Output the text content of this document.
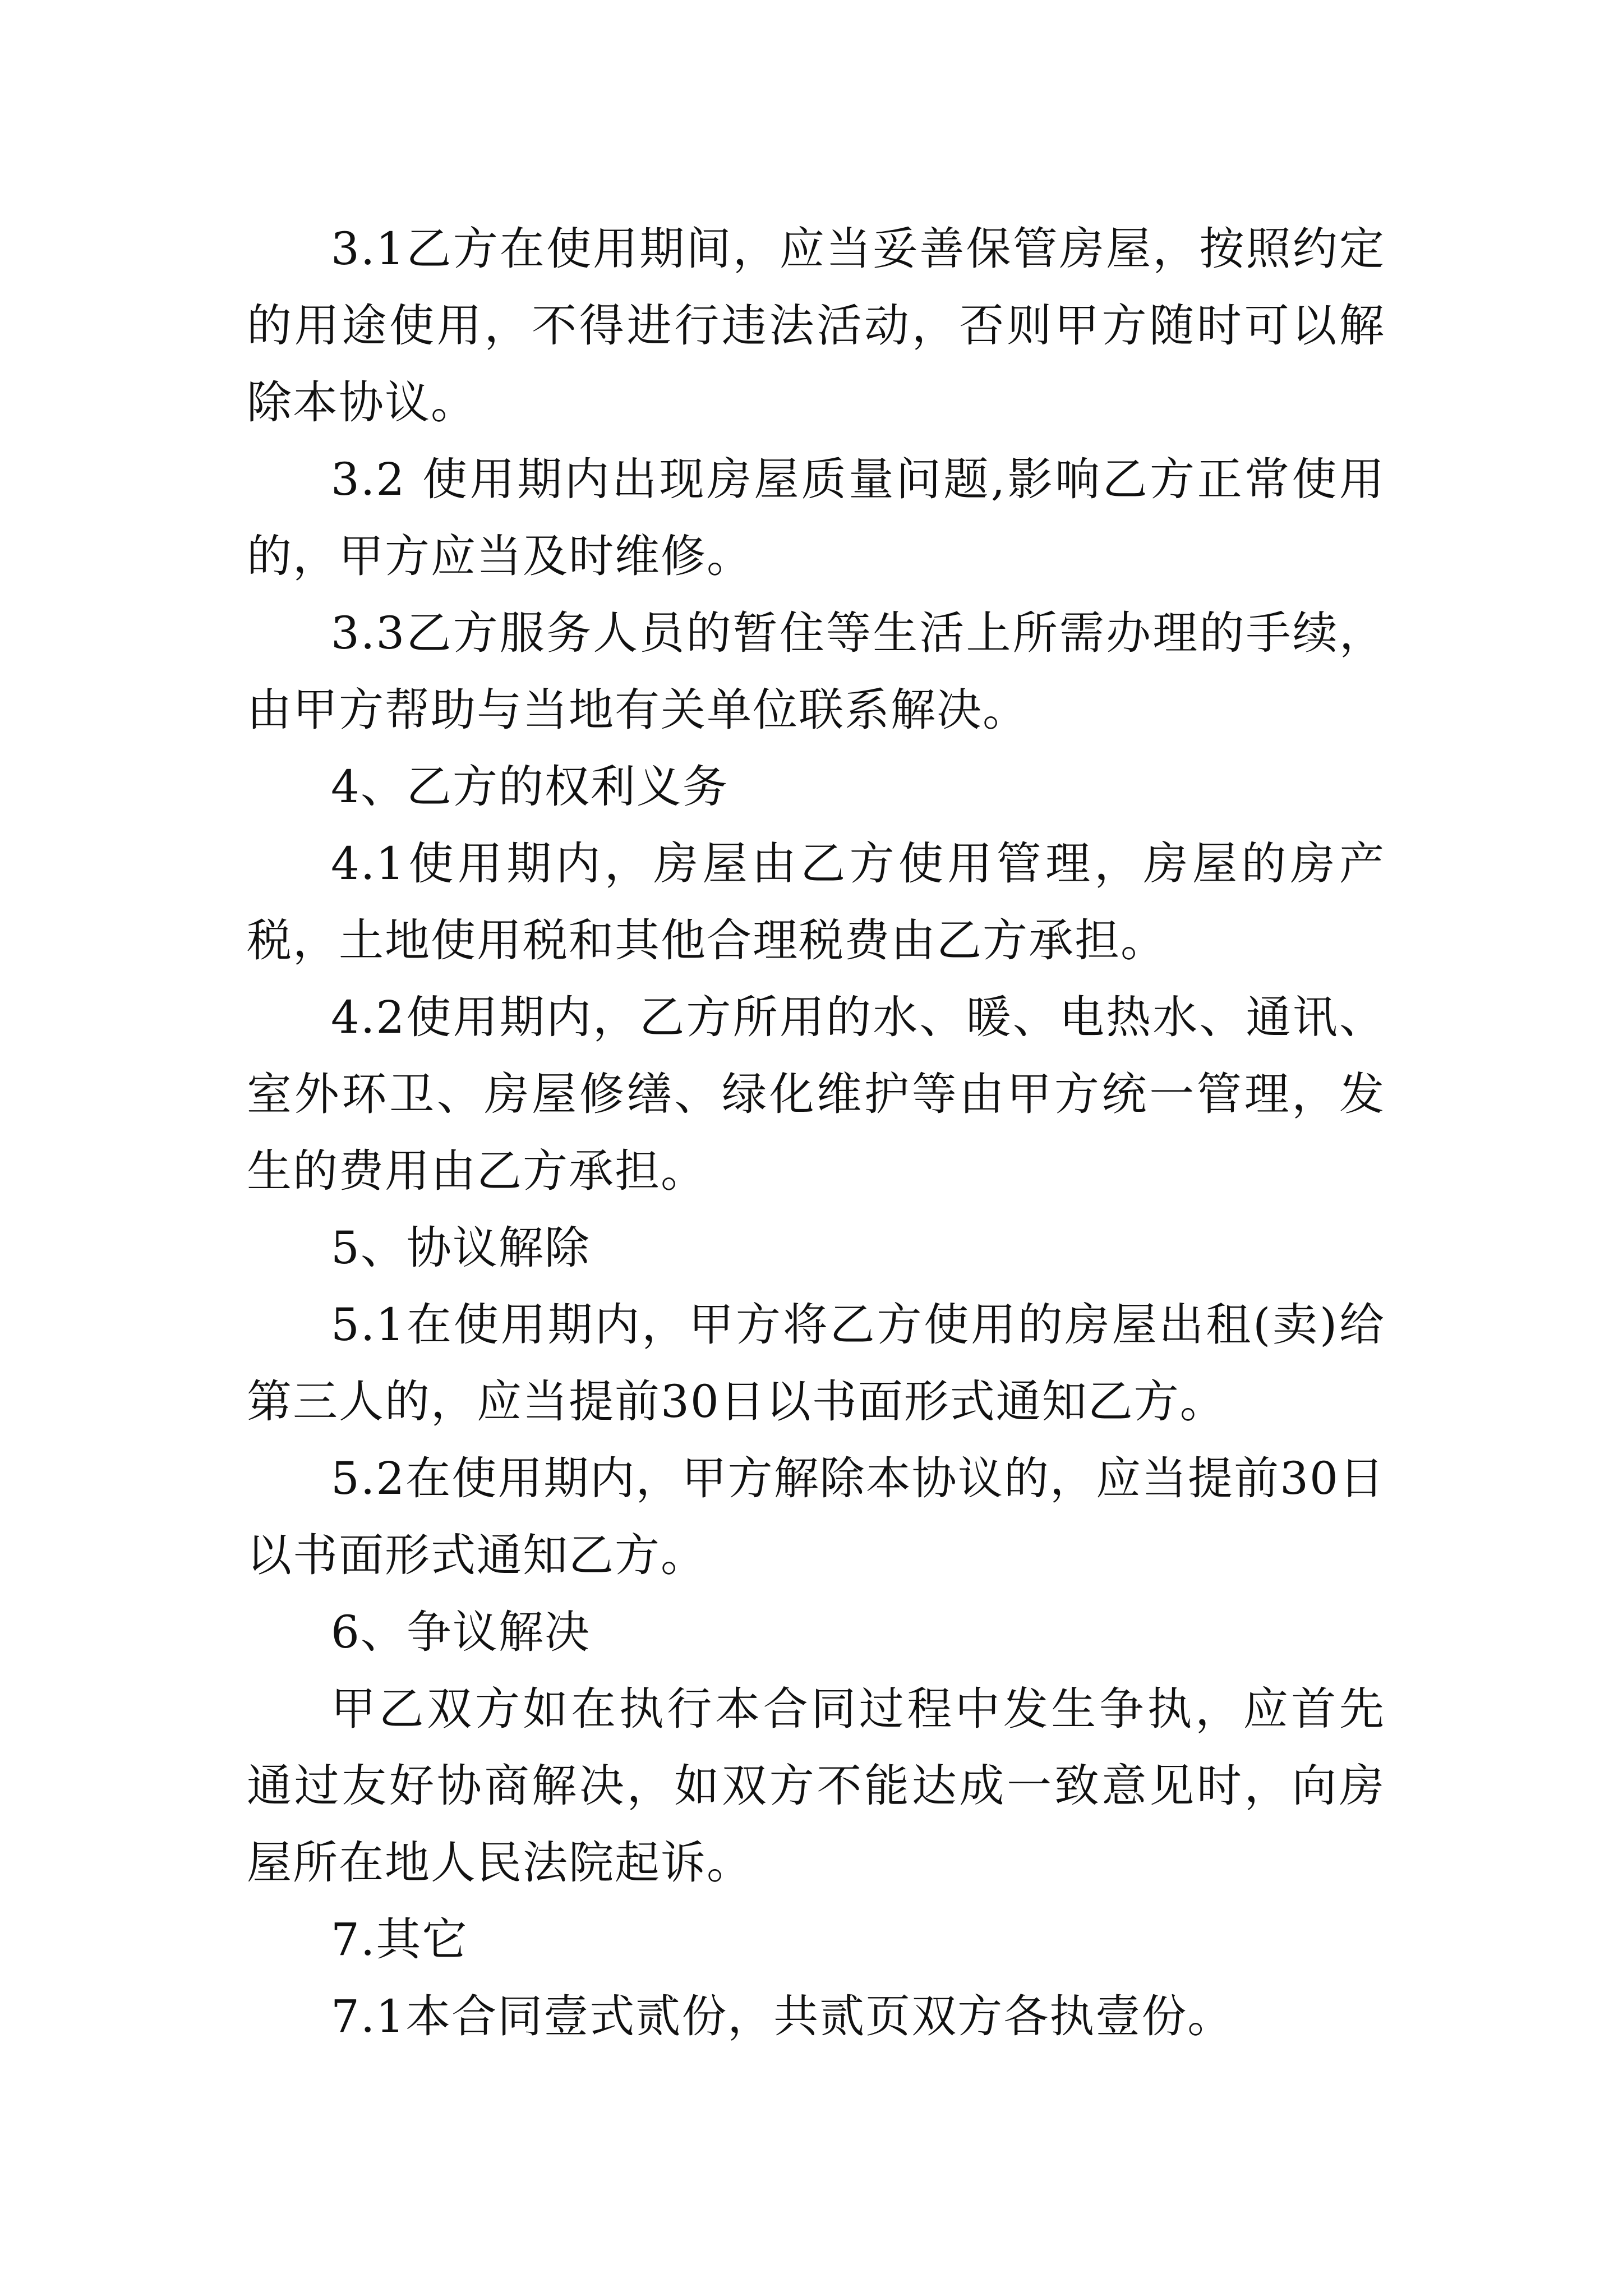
3.1乙方在使用期间，应当妥善保管房屋，按照约定的用途使用，不得进行违法活动，否则甲方随时可以解除本协议。

3.2 使用期内出现房屋质量问题,影响乙方正常使用的，甲方应当及时维修。

3.3乙方服务人员的暂住等生活上所需办理的手续，由甲方帮助与当地有关单位联系解决。

4、乙方的权利义务

4.1使用期内，房屋由乙方使用管理，房屋的房产税，土地使用税和其他合理税费由乙方承担。

4.2使用期内，乙方所用的水、暖、电热水、通讯、室外环卫、房屋修缮、绿化维护等由甲方统一管理，发生的费用由乙方承担。

5、协议解除

5.1在使用期内，甲方将乙方使用的房屋出租(卖)给第三人的，应当提前30日以书面形式通知乙方。

5.2在使用期内，甲方解除本协议的，应当提前30日以书面形式通知乙方。

6、争议解决

甲乙双方如在执行本合同过程中发生争执，应首先通过友好协商解决，如双方不能达成一致意见时，向房屋所在地人民法院起诉。

7.其它

7.1本合同壹式贰份，共贰页双方各执壹份。
